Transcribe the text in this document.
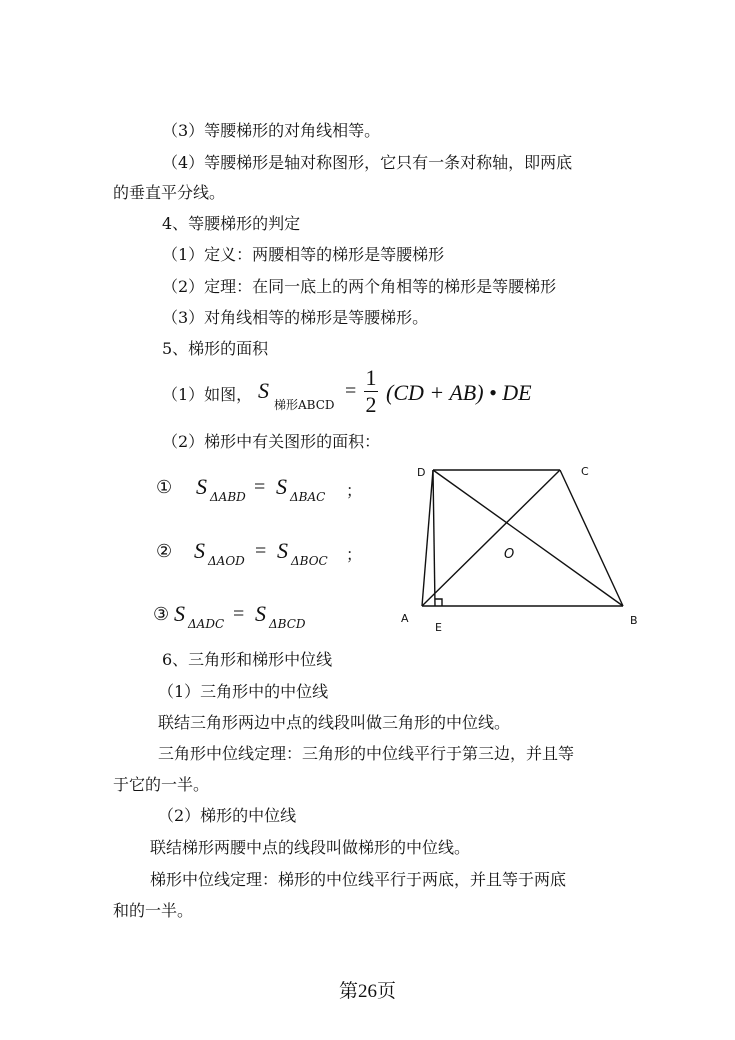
（3）等腰梯形的对角线相等。
（4）等腰梯形是轴对称图形，它只有一条对称轴，即两底
的垂直平分线。
4、等腰梯形的判定
（1）定义：两腰相等的梯形是等腰梯形
（2）定理：在同一底上的两个角相等的梯形是等腰梯形
（3）对角线相等的梯形是等腰梯形。
5、梯形的面积
（1）如图， S
梯形ABCD
=
1
2 (CD + AB) • DE
（2）梯形中有关图形的面积：
① S ΔABD = S ΔBAC ；
② S ΔAOD = S ΔBOC ；
③ S ΔADC = S ΔBCD
D	C
A
E
B
O
6、三角形和梯形中位线
（1）三角形中的中位线
联结三角形两边中点的线段叫做三角形的中位线。
三角形中位线定理：三角形的中位线平行于第三边，并且等
于它的一半。
（2）梯形的中位线
联结梯形两腰中点的线段叫做梯形的中位线。
梯形中位线定理：梯形的中位线平行于两底，并且等于两底
和的一半。
第26页
